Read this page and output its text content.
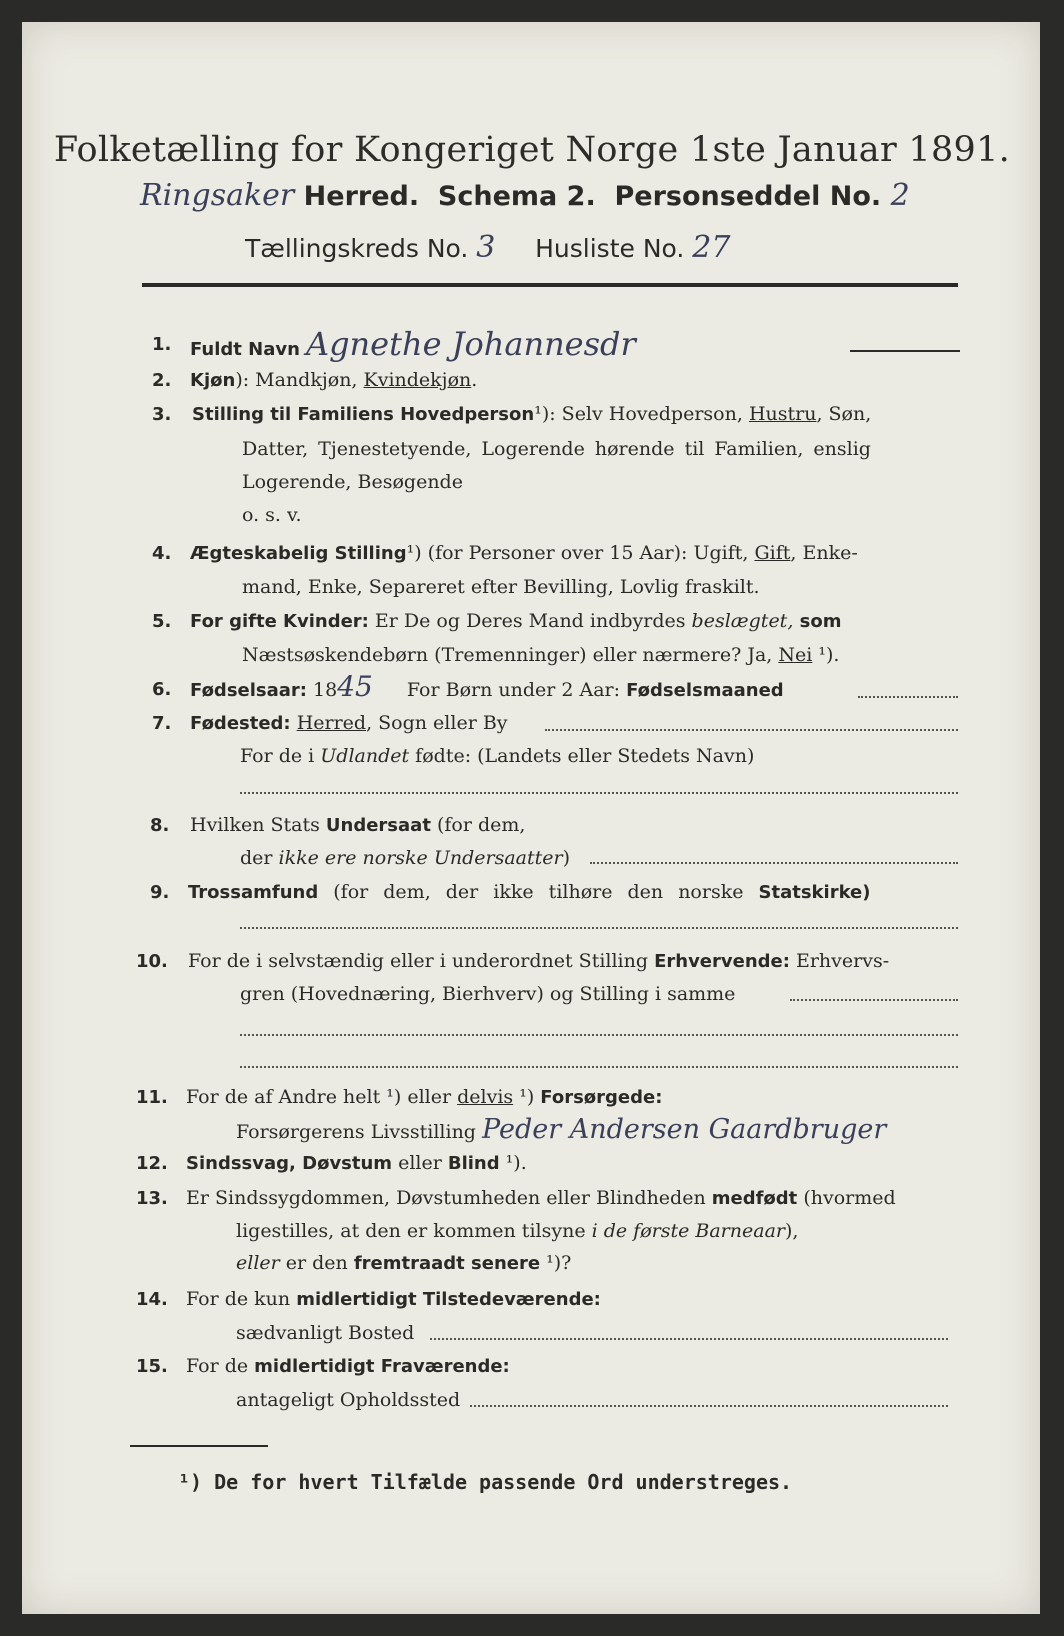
Folketælling for Kongeriget Norge 1ste Januar 1891.
Ringsaker Herred. Schema 2. Personseddel No. 2
Tællingskreds No. 3 Husliste No. 27
1. Fuldt Navn Agnethe Johannesdr
2. Kjøn): Mandkjøn, Kvindekjøn.
3. Stilling til Familiens Hovedperson¹): Selv Hovedperson, Hustru, Søn,
Datter, Tjenestetyende, Logerende hørende til Familien, enslig
Logerende, Besøgende
o. s. v.
4. Ægteskabelig Stilling¹) (for Personer over 15 Aar): Ugift, Gift, Enke-
mand, Enke, Separeret efter Bevilling, Lovlig fraskilt.
5. For gifte Kvinder: Er De og Deres Mand indbyrdes beslægtet, som
Næstsøskendebørn (Tremenninger) eller nærmere? Ja, Nei ¹).
6. Fødselsaar: 1845 For Børn under 2 Aar: Fødselsmaaned
7. Fødested: Herred, Sogn eller By
For de i Udlandet fødte: (Landets eller Stedets Navn)
8. Hvilken Stats Undersaat (for dem,
der ikke ere norske Undersaatter)
9. Trossamfund (for dem, der ikke tilhøre den norske Statskirke)
10. For de i selvstændig eller i underordnet Stilling Erhvervende: Erhvervs-
gren (Hovednæring, Bierhverv) og Stilling i samme
11. For de af Andre helt ¹) eller delvis ¹) Forsørgede:
Forsørgerens Livsstilling Peder Andersen Gaardbruger
12. Sindssvag, Døvstum eller Blind ¹).
13. Er Sindssygdommen, Døvstumheden eller Blindheden medfødt (hvormed
ligestilles, at den er kommen tilsyne i de første Barneaar),
eller er den fremtraadt senere ¹)?
14. For de kun midlertidigt Tilstedeværende:
sædvanligt Bosted
15. For de midlertidigt Fraværende:
antageligt Opholdssted
¹) De for hvert Tilfælde passende Ord understreges.
